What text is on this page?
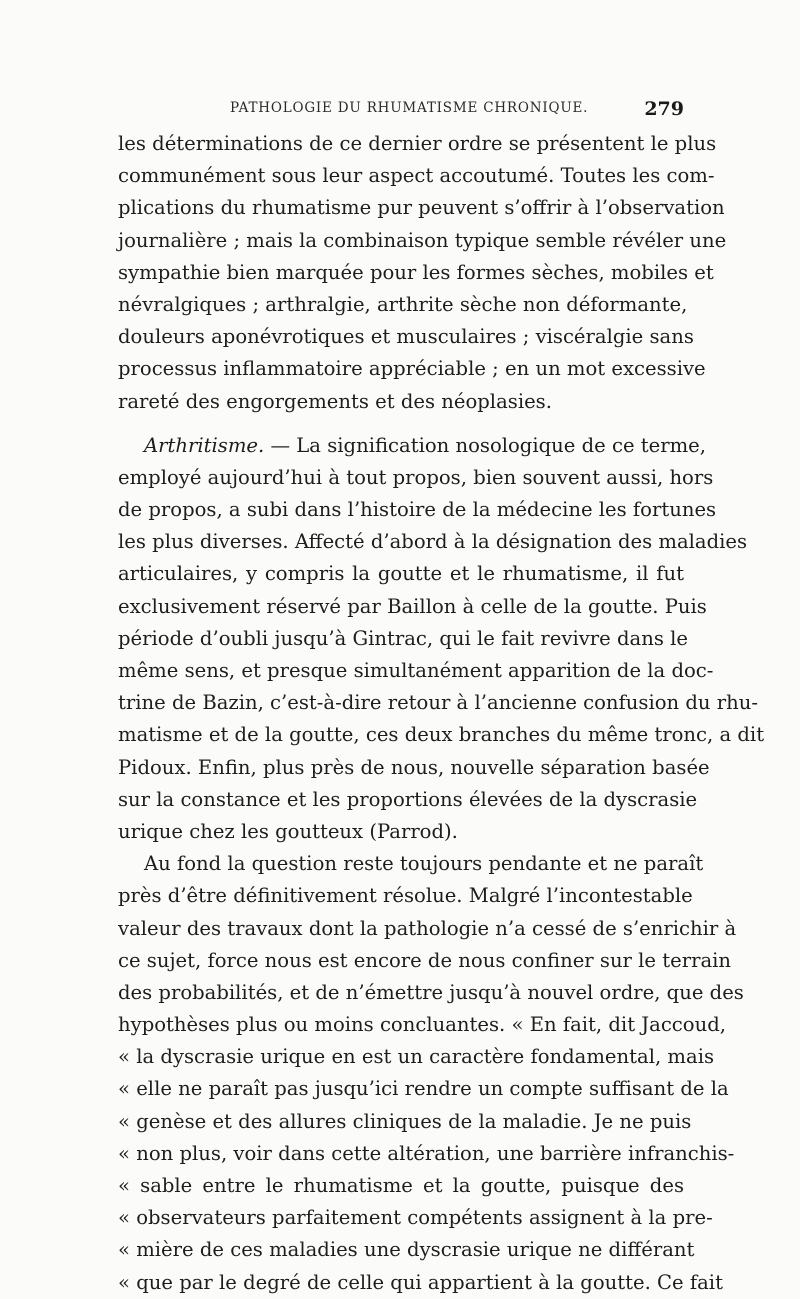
PATHOLOGIE DU RHUMATISME CHRONIQUE.	279
les déterminations de ce dernier ordre se présentent le plus
communément sous leur aspect accoutumé. Toutes les com-
plications du rhumatisme pur peuvent s’offrir à l’observation
journalière ; mais la combinaison typique semble révéler une
sympathie bien marquée pour les formes sèches, mobiles et
névralgiques ; arthralgie, arthrite sèche non déformante,
douleurs aponévrotiques et musculaires ; viscéralgie sans
processus inflammatoire appréciable ; en un mot excessive
rareté des engorgements et des néoplasies.
Arthritisme. — La signification nosologique de ce terme,
employé aujourd’hui à tout propos, bien souvent aussi, hors
de propos, a subi dans l’histoire de la médecine les fortunes
les plus diverses. Affecté d’abord à la désignation des maladies
articulaires, y compris la goutte et le rhumatisme, il fut
exclusivement réservé par Baillon à celle de la goutte. Puis
période d’oubli jusqu’à Gintrac, qui le fait revivre dans le
même sens, et presque simultanément apparition de la doc-
trine de Bazin, c’est-à-dire retour à l’ancienne confusion du rhu-
matisme et de la goutte, ces deux branches du même tronc, a dit
Pidoux. Enfin, plus près de nous, nouvelle séparation basée
sur la constance et les proportions élevées de la dyscrasie
urique chez les goutteux (Parrod).
Au fond la question reste toujours pendante et ne paraît
près d’être définitivement résolue. Malgré l’incontestable
valeur des travaux dont la pathologie n’a cessé de s’enrichir à
ce sujet, force nous est encore de nous confiner sur le terrain
des probabilités, et de n’émettre jusqu’à nouvel ordre, que des
hypothèses plus ou moins concluantes. « En fait, dit Jaccoud,
« la dyscrasie urique en est un caractère fondamental, mais
« elle ne paraît pas jusqu’ici rendre un compte suffisant de la
« genèse et des allures cliniques de la maladie. Je ne puis
« non plus, voir dans cette altération, une barrière infranchis-
« sable entre le rhumatisme et la goutte, puisque des
« observateurs parfaitement compétents assignent à la pre-
« mière de ces maladies une dyscrasie urique ne différant
« que par le degré de celle qui appartient à la goutte. Ce fait
